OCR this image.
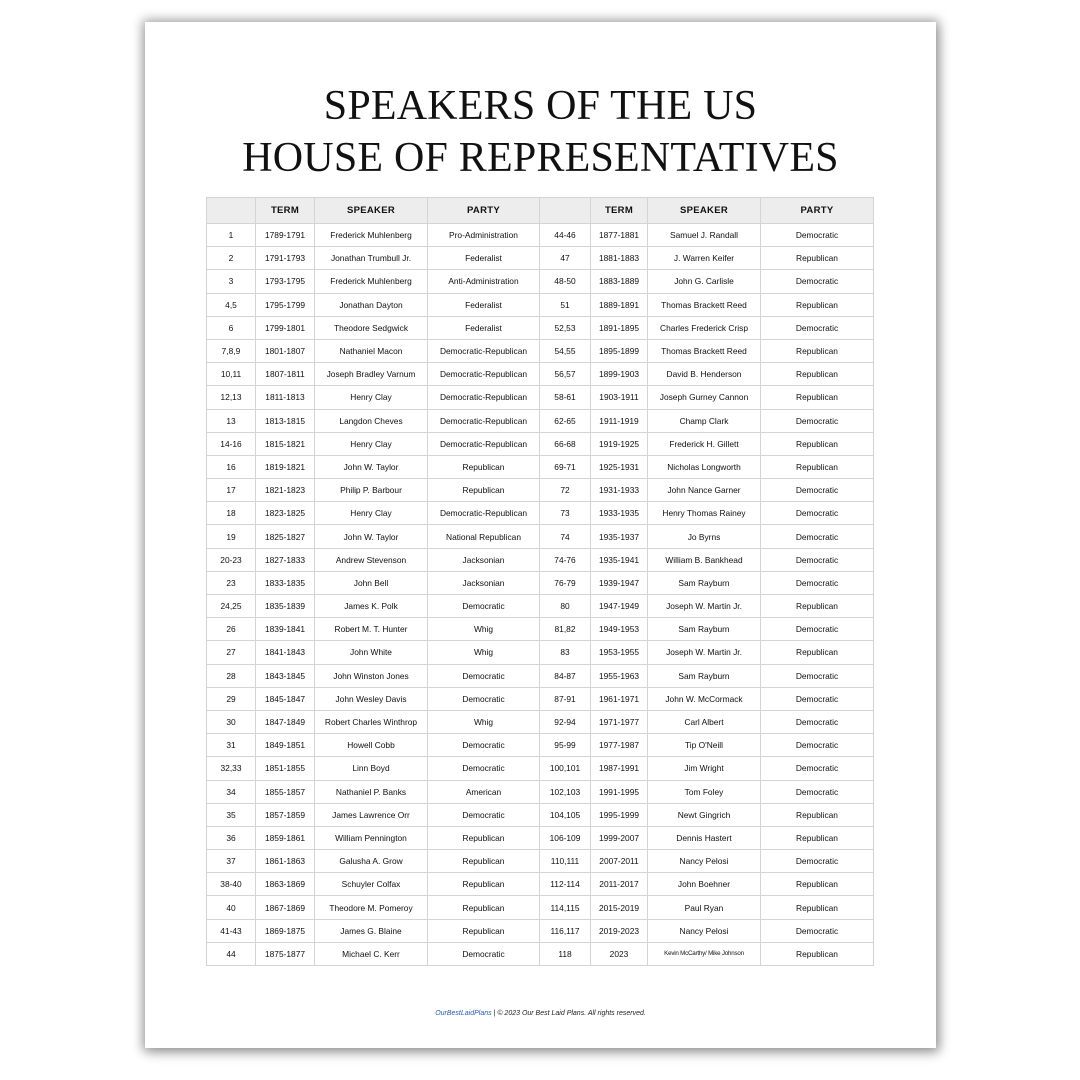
SPEAKERS OF THE US
HOUSE OF REPRESENTATIVES
	TERM	SPEAKER	PARTY		TERM	SPEAKER	PARTY
1	1789-1791	Frederick Muhlenberg	Pro-Administration	44-46	1877-1881	Samuel J. Randall	Democratic
2	1791-1793	Jonathan Trumbull Jr.	Federalist	47	1881-1883	J. Warren Keifer	Republican
3	1793-1795	Frederick Muhlenberg	Anti-Administration	48-50	1883-1889	John G. Carlisle	Democratic
4,5	1795-1799	Jonathan Dayton	Federalist	51	1889-1891	Thomas Brackett Reed	Republican
6	1799-1801	Theodore Sedgwick	Federalist	52,53	1891-1895	Charles Frederick Crisp	Democratic
7,8,9	1801-1807	Nathaniel Macon	Democratic-Republican	54,55	1895-1899	Thomas Brackett Reed	Republican
10,11	1807-1811	Joseph Bradley Varnum	Democratic-Republican	56,57	1899-1903	David B. Henderson	Republican
12,13	1811-1813	Henry Clay	Democratic-Republican	58-61	1903-1911	Joseph Gurney Cannon	Republican
13	1813-1815	Langdon Cheves	Democratic-Republican	62-65	1911-1919	Champ Clark	Democratic
14-16	1815-1821	Henry Clay	Democratic-Republican	66-68	1919-1925	Frederick H. Gillett	Republican
16	1819-1821	John W. Taylor	Republican	69-71	1925-1931	Nicholas Longworth	Republican
17	1821-1823	Philip P. Barbour	Republican	72	1931-1933	John Nance Garner	Democratic
18	1823-1825	Henry Clay	Democratic-Republican	73	1933-1935	Henry Thomas Rainey	Democratic
19	1825-1827	John W. Taylor	National Republican	74	1935-1937	Jo Byrns	Democratic
20-23	1827-1833	Andrew Stevenson	Jacksonian	74-76	1935-1941	William B. Bankhead	Democratic
23	1833-1835	John Bell	Jacksonian	76-79	1939-1947	Sam Rayburn	Democratic
24,25	1835-1839	James K. Polk	Democratic	80	1947-1949	Joseph W. Martin Jr.	Republican
26	1839-1841	Robert M. T. Hunter	Whig	81,82	1949-1953	Sam Rayburn	Democratic
27	1841-1843	John White	Whig	83	1953-1955	Joseph W. Martin Jr.	Republican
28	1843-1845	John Winston Jones	Democratic	84-87	1955-1963	Sam Rayburn	Democratic
29	1845-1847	John Wesley Davis	Democratic	87-91	1961-1971	John W. McCormack	Democratic
30	1847-1849	Robert Charles Winthrop	Whig	92-94	1971-1977	Carl Albert	Democratic
31	1849-1851	Howell Cobb	Democratic	95-99	1977-1987	Tip O'Neill	Democratic
32,33	1851-1855	Linn Boyd	Democratic	100,101	1987-1991	Jim Wright	Democratic
34	1855-1857	Nathaniel P. Banks	American	102,103	1991-1995	Tom Foley	Democratic
35	1857-1859	James Lawrence Orr	Democratic	104,105	1995-1999	Newt Gingrich	Republican
36	1859-1861	William Pennington	Republican	106-109	1999-2007	Dennis Hastert	Republican
37	1861-1863	Galusha A. Grow	Republican	110,111	2007-2011	Nancy Pelosi	Democratic
38-40	1863-1869	Schuyler Colfax	Republican	112-114	2011-2017	John Boehner	Republican
40	1867-1869	Theodore M. Pomeroy	Republican	114,115	2015-2019	Paul Ryan	Republican
41-43	1869-1875	James G. Blaine	Republican	116,117	2019-2023	Nancy Pelosi	Democratic
44	1875-1877	Michael C. Kerr	Democratic	118	2023	Kevin McCarthy/ Mike Johnson	Republican
OurBestLaidPlans | © 2023 Our Best Laid Plans. All rights reserved.
